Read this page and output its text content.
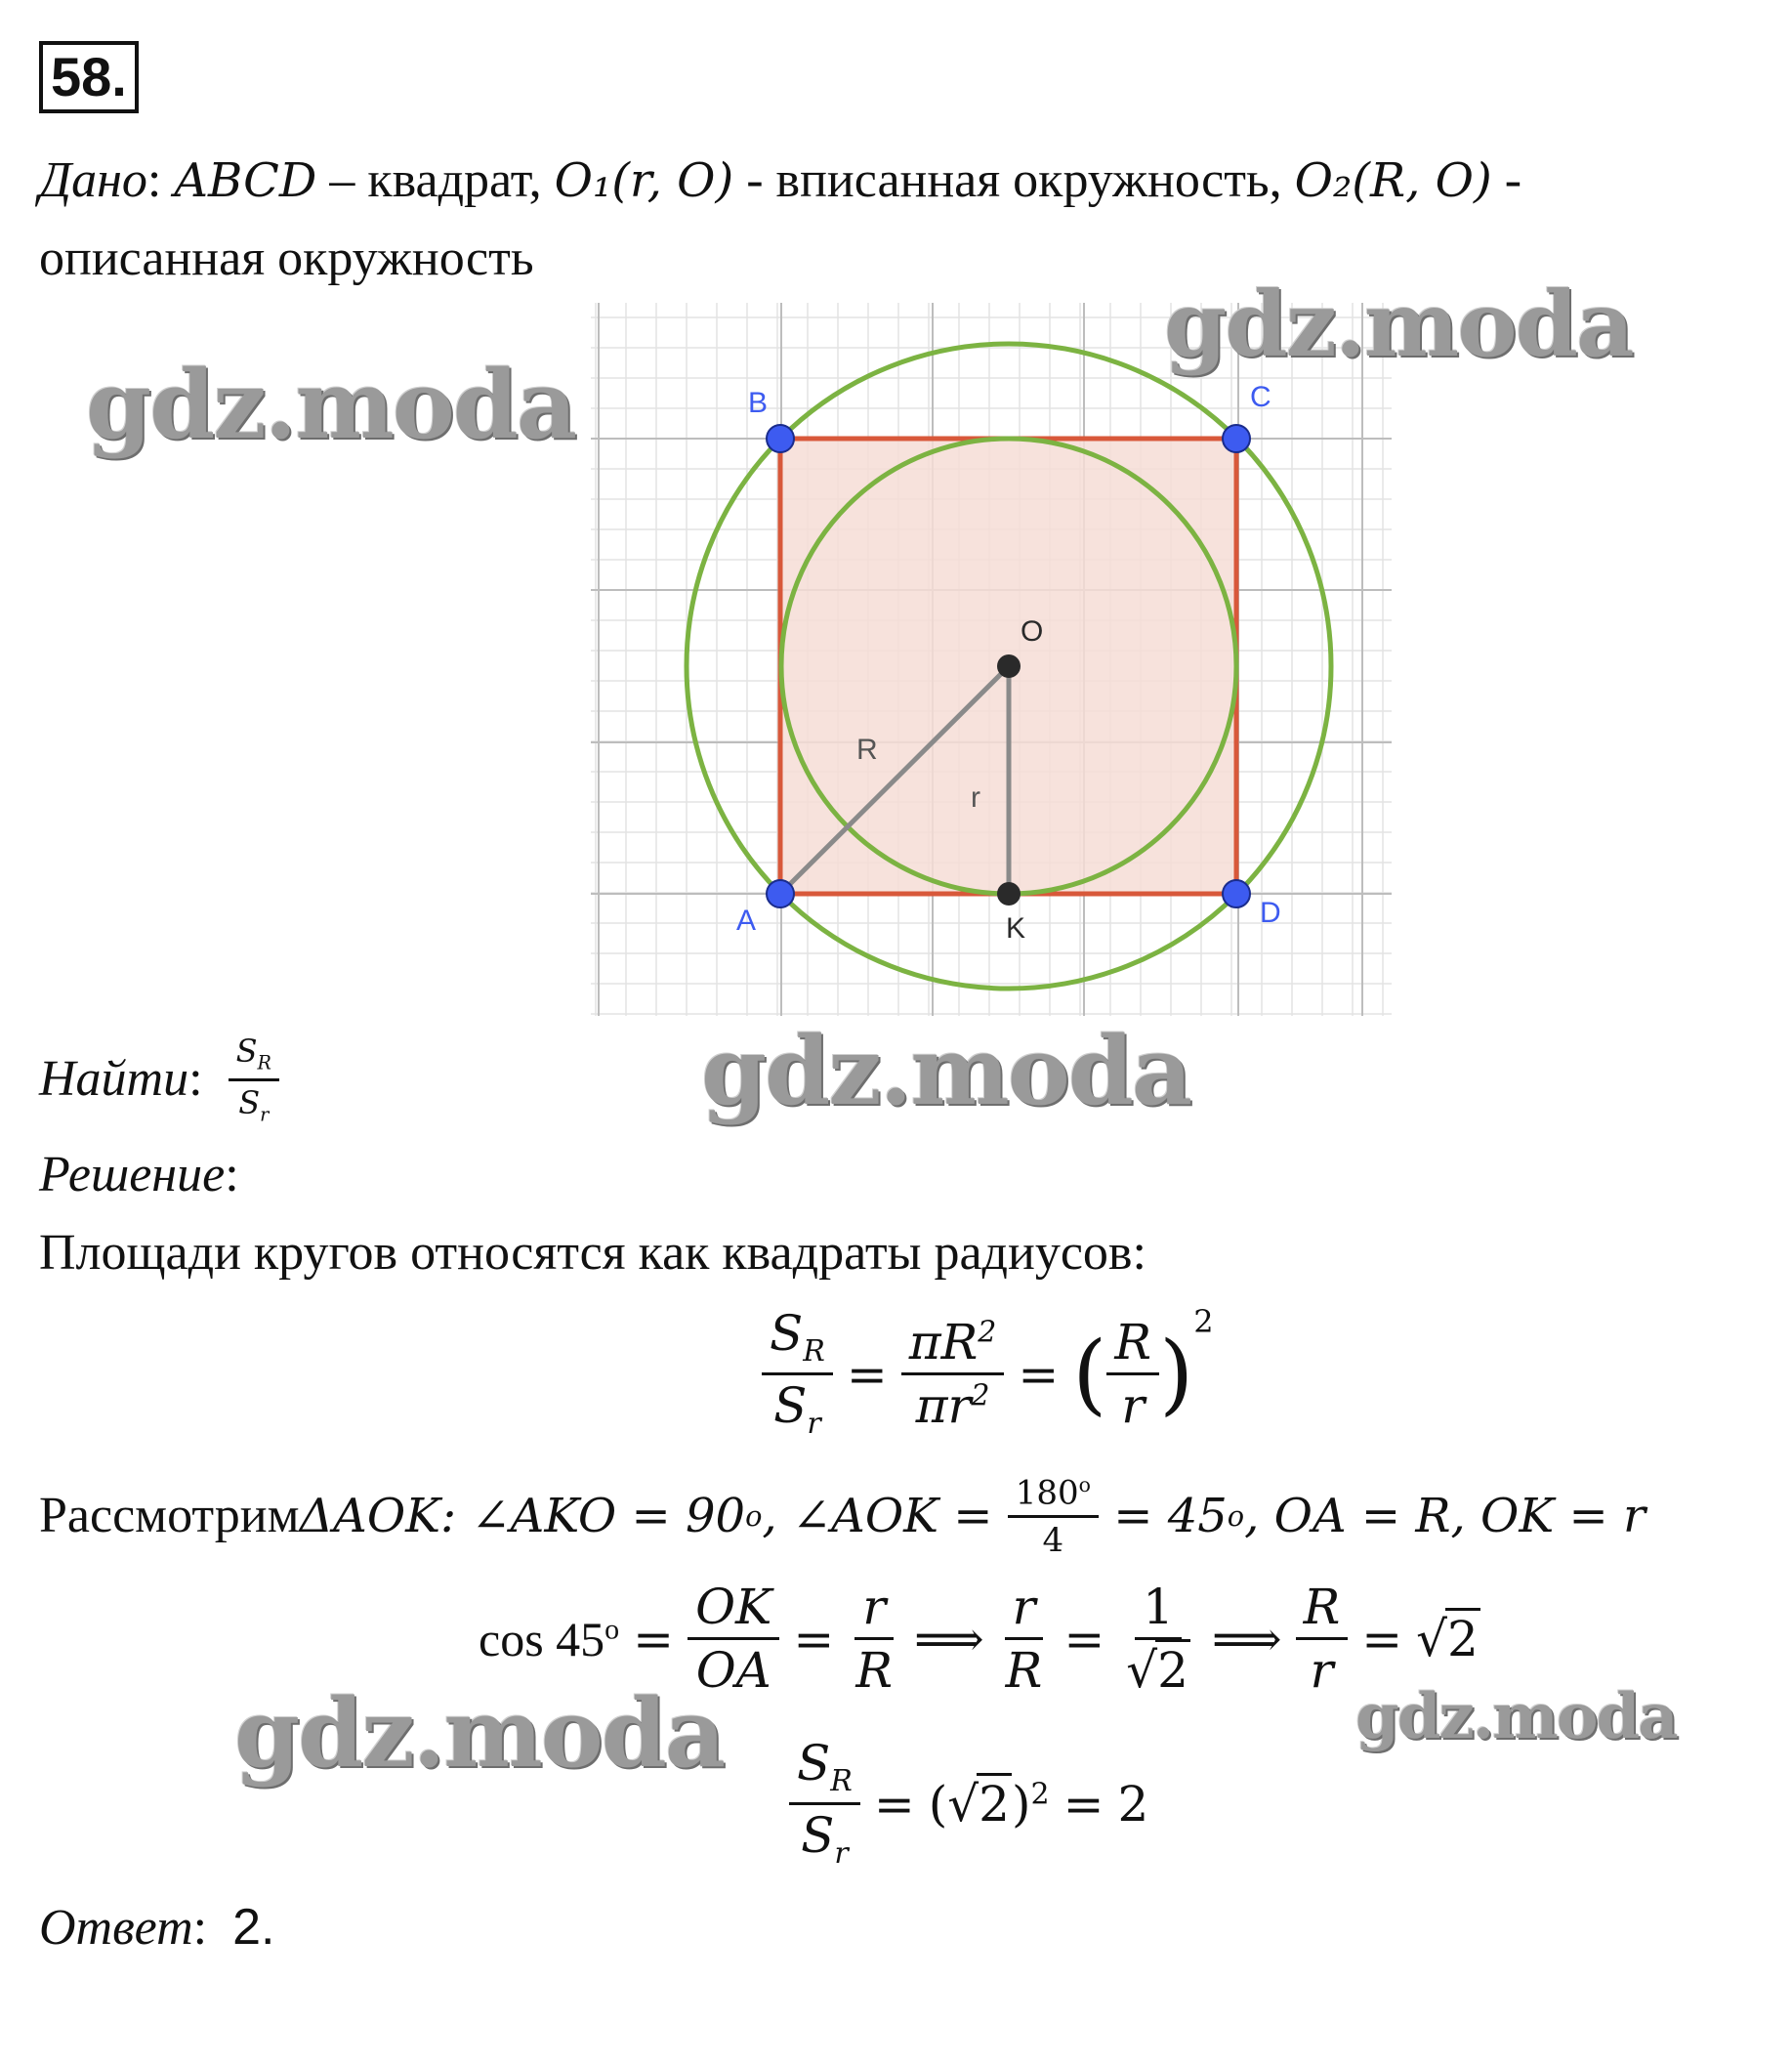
58.
Дано: ABCD – квадрат, O₁(r, O) - вписанная окружность, O₂(R, O) -
описанная окружность
A
B	C
D
O
K
R
r
Найти :
$S_R$
$S_r$
Решение:
Площади кругов относятся как квадраты радиусов:
$\frac{S_R}{S_r} = \frac{\pi R^2}{\pi r^2}$ = ( R
r )
2
Рассмотрим ΔAOK: ∠AKO = 90 o , ∠AOK = $180^o$
4 = 45 o , OA = R, OK = r
$\cos 45^o = \frac{OK}{OA} = \frac{r}{R}$ ⟹ $\frac{r}{R} = \frac{1}{√2}$ ⟹ $\frac{R}{r} = √2$
$\frac{S_R}{S_r} = (√2)^2 = 2$
Ответ: 2.
gdz.moda
gdz.moda
gdz.moda
gdz.moda	gdz.moda
